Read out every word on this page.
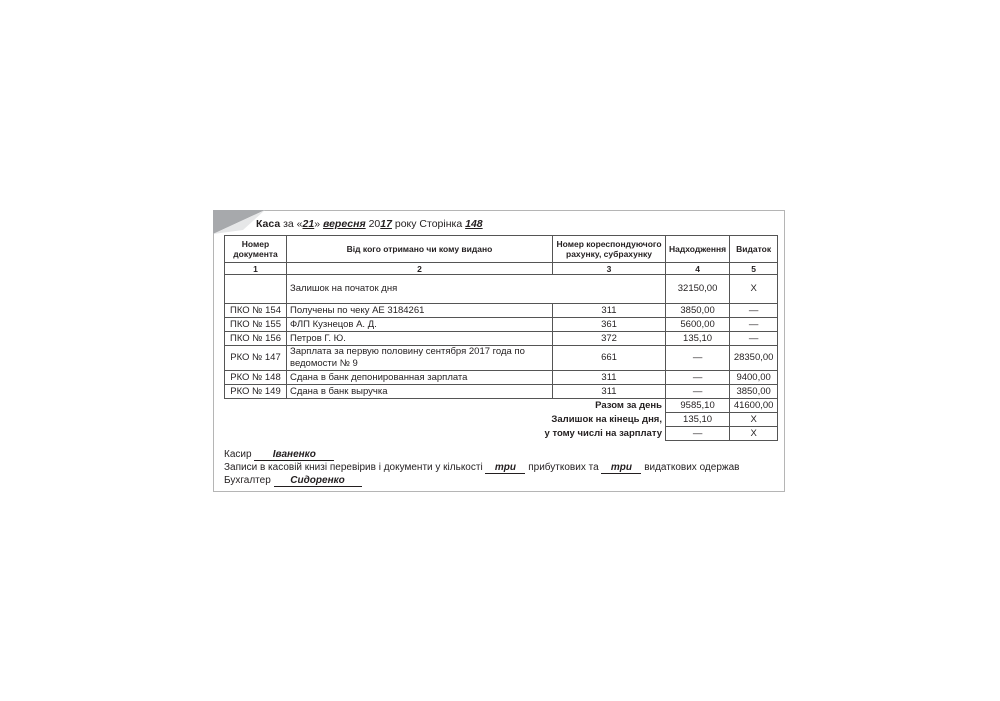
Каса за «21» вересня 2017 року Сторінка 148
Номер документа	Від кого отримано чи кому видано	Номер кореспондуючого рахунку, субрахунку	Надходження	Видаток
1	2	3	4	5
	Залишок на початок дня		32150,00	Х
ПКО № 154	Получены по чеку АЕ 3184261	311	3850,00	—
ПКО № 155	ФЛП Кузнецов А. Д.	361	5600,00	—
ПКО № 156	Петров Г. Ю.	372	135,10	—
РКО № 147	Зарплата за первую половину сентября 2017 года по ведомости № 9	661	—	28350,00
РКО № 148	Сдана в банк депонированная зарплата	311	—	9400,00
РКО № 149	Сдана в банк выручка	311	—	3850,00
	Разом за день		9585,10	41600,00
	Залишок на кінець дня,		135,10	Х
	у тому числі на зарплату		—	Х
Касир Іваненко
Записи в касовій книзі перевірив і документи у кількості три прибуткових та три видаткових одержав
Бухгалтер Сидоренко
